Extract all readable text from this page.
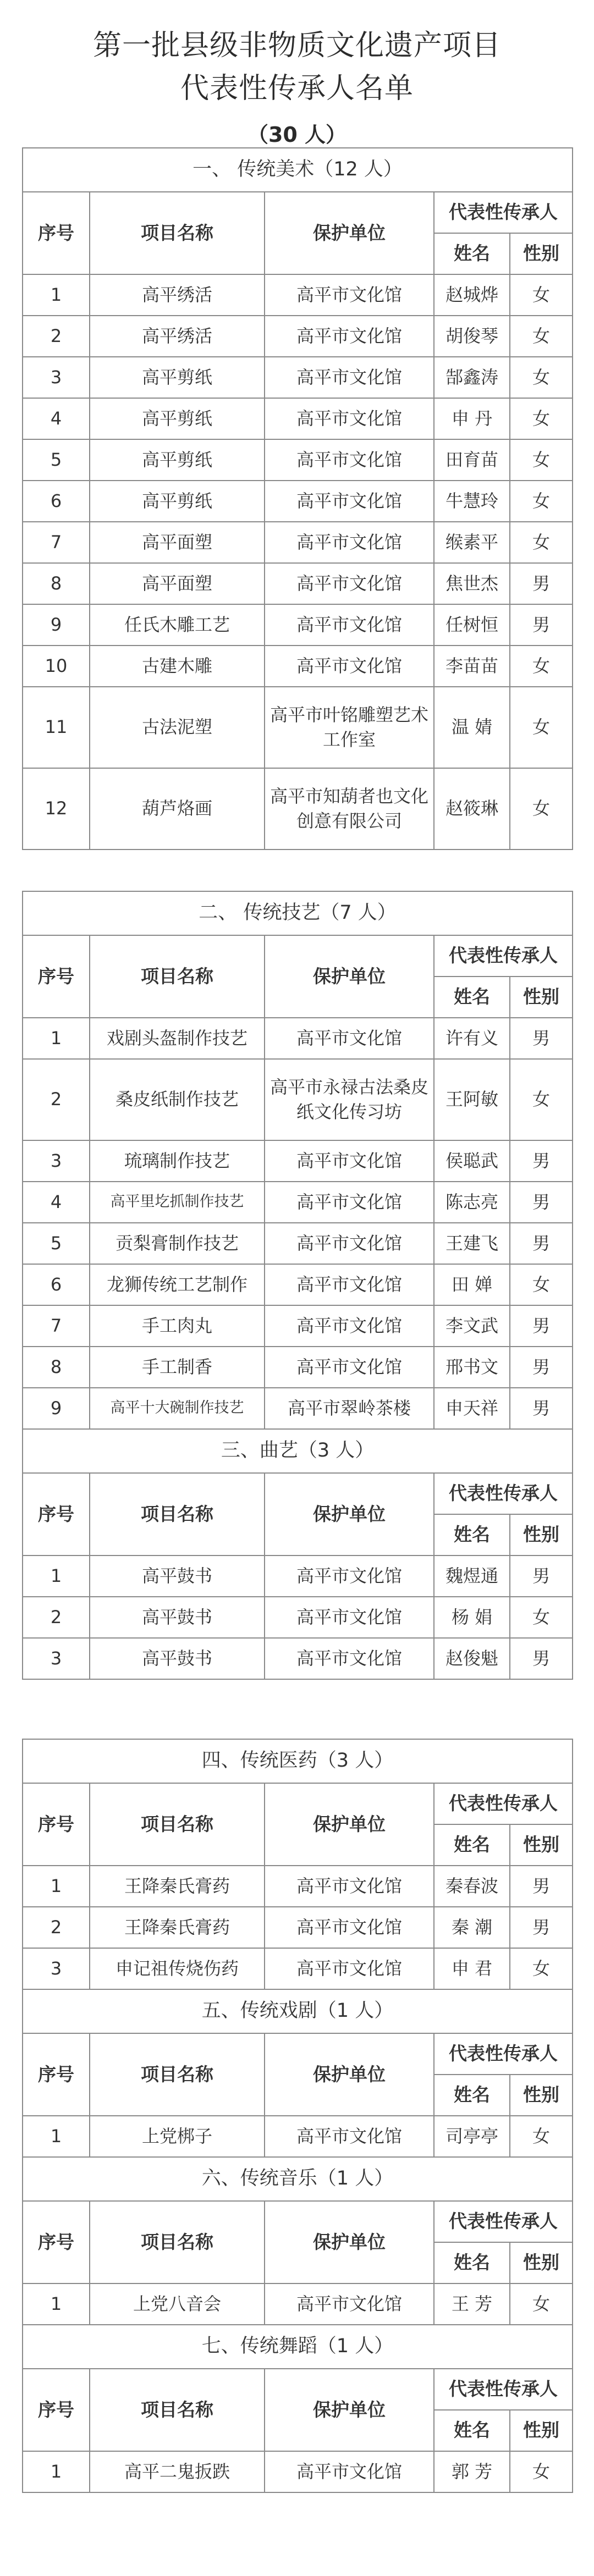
第一批县级非物质文化遗产项目
代表性传承人名单
（30 人）
一、 传统美术（12 人）				
序号	项目名称	保护单位	代表性传承人	
			姓名	性别
1	高平绣活	高平市文化馆	赵城烨	女
2	高平绣活	高平市文化馆	胡俊琴	女
3	高平剪纸	高平市文化馆	郜鑫涛	女
4	高平剪纸	高平市文化馆	申 丹	女
5	高平剪纸	高平市文化馆	田育苗	女
6	高平剪纸	高平市文化馆	牛慧玲	女
7	高平面塑	高平市文化馆	缑素平	女
8	高平面塑	高平市文化馆	焦世杰	男
9	任氏木雕工艺	高平市文化馆	任树恒	男
10	古建木雕	高平市文化馆	李苗苗	女
11	古法泥塑	高平市叶铭雕塑艺术工作室	温 婧	女
12	葫芦烙画	高平市知葫者也文化创意有限公司	赵筱琳	女
二、 传统技艺（7 人）				
序号	项目名称	保护单位	代表性传承人	
			姓名	性别
1	戏剧头盔制作技艺	高平市文化馆	许有义	男
2	桑皮纸制作技艺	高平市永禄古法桑皮纸文化传习坊	王阿敏	女
3	琉璃制作技艺	高平市文化馆	侯聪武	男
4	高平里圪抓制作技艺	高平市文化馆	陈志亮	男
5	贡梨膏制作技艺	高平市文化馆	王建飞	男
6	龙狮传统工艺制作	高平市文化馆	田 婵	女
7	手工肉丸	高平市文化馆	李文武	男
8	手工制香	高平市文化馆	邢书文	男
9	高平十大碗制作技艺	高平市翠岭茶楼	申天祥	男
三、曲艺（3 人）				
序号	项目名称	保护单位	代表性传承人	
			姓名	性别
1	高平鼓书	高平市文化馆	魏煜通	男
2	高平鼓书	高平市文化馆	杨 娟	女
3	高平鼓书	高平市文化馆	赵俊魁	男
四、传统医药（3 人）				
序号	项目名称	保护单位	代表性传承人	
			姓名	性别
1	王降秦氏膏药	高平市文化馆	秦春波	男
2	王降秦氏膏药	高平市文化馆	秦 潮	男
3	申记祖传烧伤药	高平市文化馆	申 君	女
五、传统戏剧（1 人）				
序号	项目名称	保护单位	代表性传承人	
			姓名	性别
1	上党梆子	高平市文化馆	司亭亭	女
六、传统音乐（1 人）				
序号	项目名称	保护单位	代表性传承人	
			姓名	性别
1	上党八音会	高平市文化馆	王 芳	女
七、传统舞蹈（1 人）				
序号	项目名称	保护单位	代表性传承人	
			姓名	性别
1	高平二鬼扳跌	高平市文化馆	郭 芳	女
